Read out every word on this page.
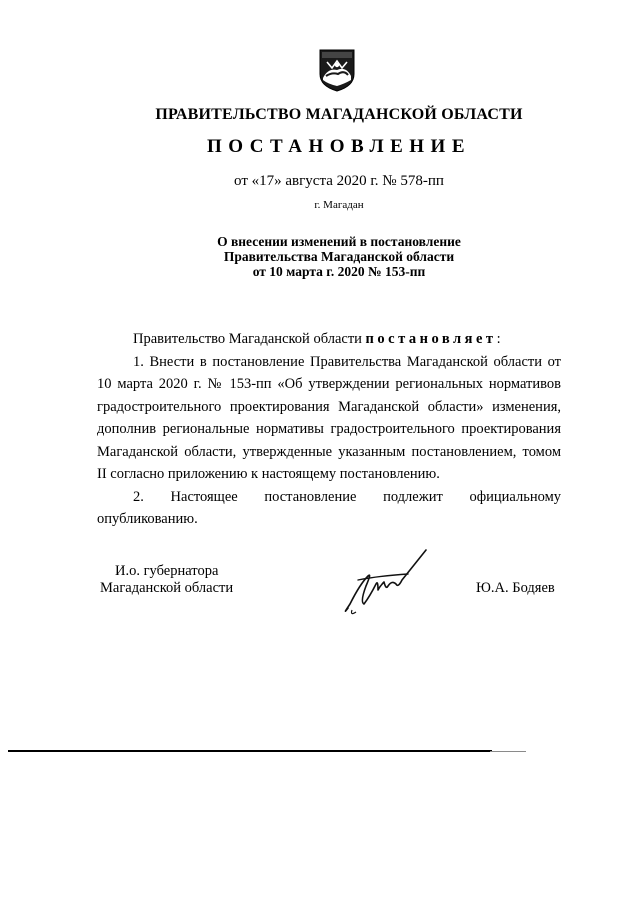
ПРАВИТЕЛЬСТВО МАГАДАНСКОЙ ОБЛАСТИ
ПОСТАНОВЛЕНИЕ
от «17» августа 2020 г. № 578-пп
г. Магадан
О внесении изменений в постановление
Правительства Магаданской области
от 10 марта г. 2020 № 153-пп

Правительство Магаданской области постановляет:

1. Внести в постановление Правительства Магаданской области от 10 марта 2020 г. № 153-пп «Об утверждении региональных нормативов градостроительного проектирования Магаданской области» изменения, дополнив региональные нормативы градостроительного проектирования Магаданской области, утвержденные указанным постановлением, томом II согласно приложению к настоящему постановлению.

2. Настоящее постановление подлежит официальному опубликованию.

И.о. губернатора
Магаданской области	Ю.А. Бодяев
